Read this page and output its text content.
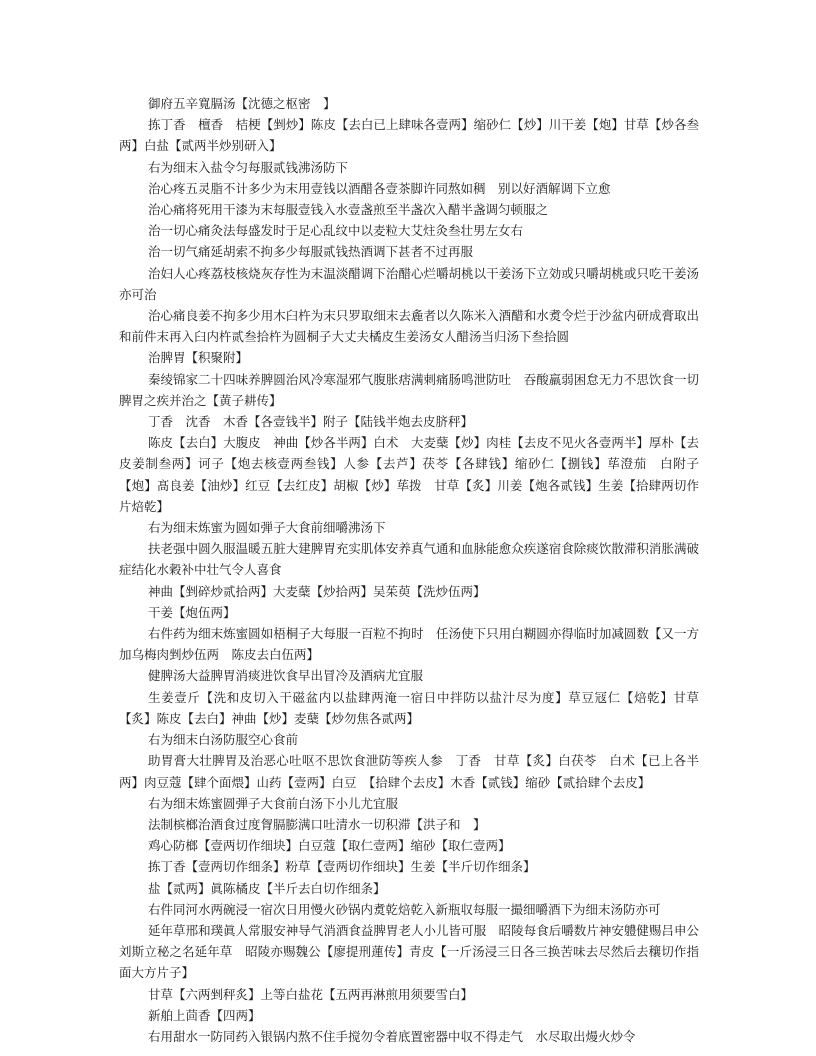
御府五辛寬膈汤【沈德之枢密　】

拣丁香　檀香　桔梗【剉炒】陈皮【去白已上肆味各壹两】缩砂仁【炒】川干姜【炮】甘草【炒各叁两】白盐【贰两半炒别研入】

右为细末入盐令匀每服贰钱沸汤防下

治心疼五灵脂不计多少为末用壹钱以酒醋各壹茶脚许同熬如稠　别以好酒解调下立愈

治心痛将死用干漆为末每服壹钱入水壹盏煎至半盏次入醋半盏调匀顿服之

治一切心痛灸法每盛发时于足心乱纹中以麦粒大艾炷灸叁壮男左女右

治一切气痛延胡索不拘多少每服贰钱热酒调下甚者不过再服

治妇人心疼荔枝核烧灰存性为末温淡醋调下治醋心烂嚼胡桃以干姜汤下立効或只嚼胡桃或只吃干姜汤亦可治

治心痛良姜不拘多少用木臼杵为末只罗取细末去麁者以久陈米入酒醋和水煑令烂于沙盆内研成膏取出和前件末再入臼内杵贰叁拾杵为圆桐子大丈夫橘皮生姜汤女人醋汤当归汤下叁拾圆

治脾胃【积聚附】

秦绫锦家二十四味养脾圆治风冷寒湿邪气腹胀痞满刺痛肠鸣泄防吐　吞酸羸弱困怠无力不思饮食一切脾胃之疾并治之【黄子耕传】

丁香　沈香　木香【各壹钱半】附子【陆钱半炮去皮脐秤】

陈皮【去白】大腹皮　神曲【炒各半两】白术　大麦蘖【炒】肉桂【去皮不见火各壹两半】厚朴【去皮姜制叁两】诃子【炮去核壹两叁钱】人参【去芦】茯苓【各肆钱】缩砂仁【捌钱】荜澄茄　白附子【炮】髙良姜【油炒】红豆【去红皮】胡椒【炒】荜拨　甘草【炙】川姜【炮各贰钱】生姜【拾肆两切作片焙乾】

右为细末炼蜜为圆如弾子大食前细嚼沸汤下

扶老强中圆久服温暖五脏大建脾胃充实肌体安养真气通和血脉能愈众疾遂宿食除痰饮散滞积消胀满破症结化水穀补中壮气令人喜食

神曲【剉碎炒贰拾两】大麦蘖【炒拾两】吴茱萸【洗炒伍两】

干姜【炮伍两】

右件药为细末炼蜜圆如梧桐子大每服一百粒不拘时　任汤使下只用白糊圆亦得临时加减圆数【又一方加乌梅肉剉炒伍两　陈皮去白伍两】

健脾汤大益脾胃消痰进饮食早出冒冷及酒病尤宜服

生姜壹斤【洗和皮切入干磁盆内以盐肆两淹一宿日中拌防以盐汁尽为度】草豆冦仁【焙乾】甘草【炙】陈皮【去白】神曲【炒】麦蘖【炒勿焦各贰两】

右为细末白汤防服空心食前

助胃膏大壮脾胃及治恶心吐呕不思饮食泄防等疾人参　丁香　甘草【炙】白茯苓　白术【已上各半两】肉豆蔻【肆个面煨】山药【壹两】白豆　【拾肆个去皮】木香【贰钱】缩砂【贰拾肆个去皮】

右为细末炼蜜圆弾子大食前白汤下小儿尤宜服

法制槟榔治酒食过度胷膈膨满口吐清水一切积滞【洪子和　】

鸡心防榔【壹两切作细块】白豆蔻【取仁壹两】缩砂【取仁壹两】

拣丁香【壹两切作细条】粉草【壹两切作细块】生姜【半斤切作细条】

盐【贰两】眞陈橘皮【半斤去白切作细条】

右件同河水两碗浸一宿次日用慢火砂锅内煑乾焙乾入新瓶収每服一撮细嚼酒下为细末汤防亦可

延年草邢和璞眞人常服安神导气消酒食益脾胃老人小儿皆可服　昭陵每食后嚼数片神安軆健赐吕申公刘斯立秘之名延年草　昭陵亦赐魏公【廖提刑蓮传】青皮【一斤汤浸三日各三换苦味去尽然后去穰切作指面大方片子】

甘草【六两剉秤炙】上等白盐花【五两再淋煎用须要雪白】

新舶上茴香【四两】

右用甜水一防同药入银锅内熬不住手搅勿令着底置密器中収不得走气　水尽取出熳火炒令
